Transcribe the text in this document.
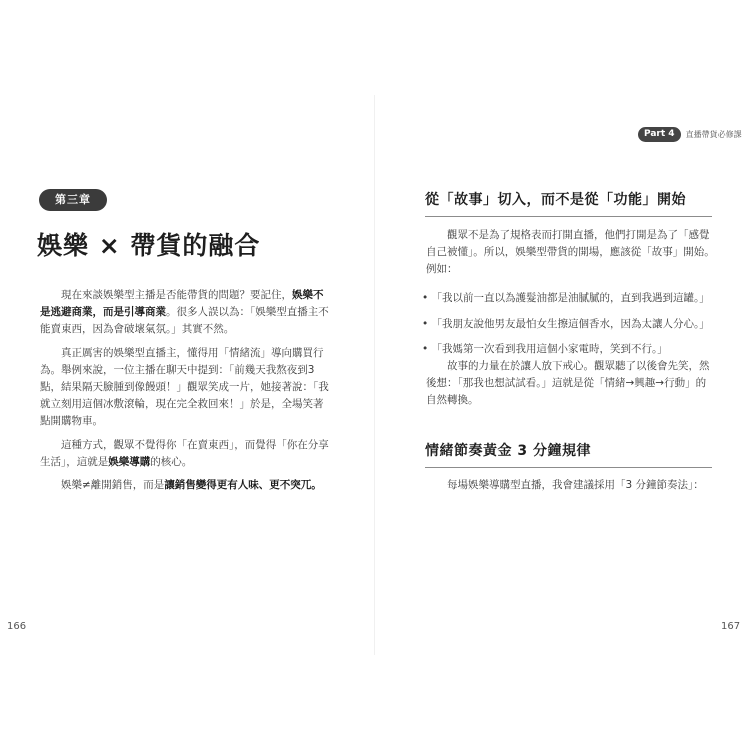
第三章
娛樂 × 帶貨的融合

現在來談娛樂型主播是否能帶貨的問題？要記住，娛樂不是逃避商業，而是引導商業。很多人誤以為：「娛樂型直播主不能賣東西，因為會破壞氣氛。」其實不然。

真正厲害的娛樂型直播主，懂得用「情緒流」導向購買行為。舉例來說，一位主播在聊天中提到：「前幾天我熬夜到3點，結果隔天臉腫到像饅頭！」觀眾笑成一片，她接著說：「我就立刻用這個冰敷滾輪，現在完全救回來！」於是，全場笑著點開購物車。

這種方式，觀眾不覺得你「在賣東西」，而覺得「你在分享生活」，這就是娛樂導購的核心。

娛樂≠離開銷售，而是讓銷售變得更有人味、更不突兀。

166
Part 4	直播帶貨必修課
從「故事」切入，而不是從「功能」開始

觀眾不是為了規格表而打開直播，他們打開是為了「感覺自己被懂」。所以，娛樂型帶貨的開場，應該從「故事」開始。例如：

• 「我以前一直以為護髮油都是油膩膩的，直到我遇到這罐。」
• 「我朋友說他男友最怕女生擦這個香水，因為太讓人分心。」
• 「我媽第一次看到我用這個小家電時，笑到不行。」

故事的力量在於讓人放下戒心。觀眾聽了以後會先笑，然後想：「那我也想試試看。」這就是從「情緒→興趣→行動」的自然轉換。

情緒節奏黃金 3 分鐘規律

每場娛樂導購型直播，我會建議採用「3 分鐘節奏法」：

167
